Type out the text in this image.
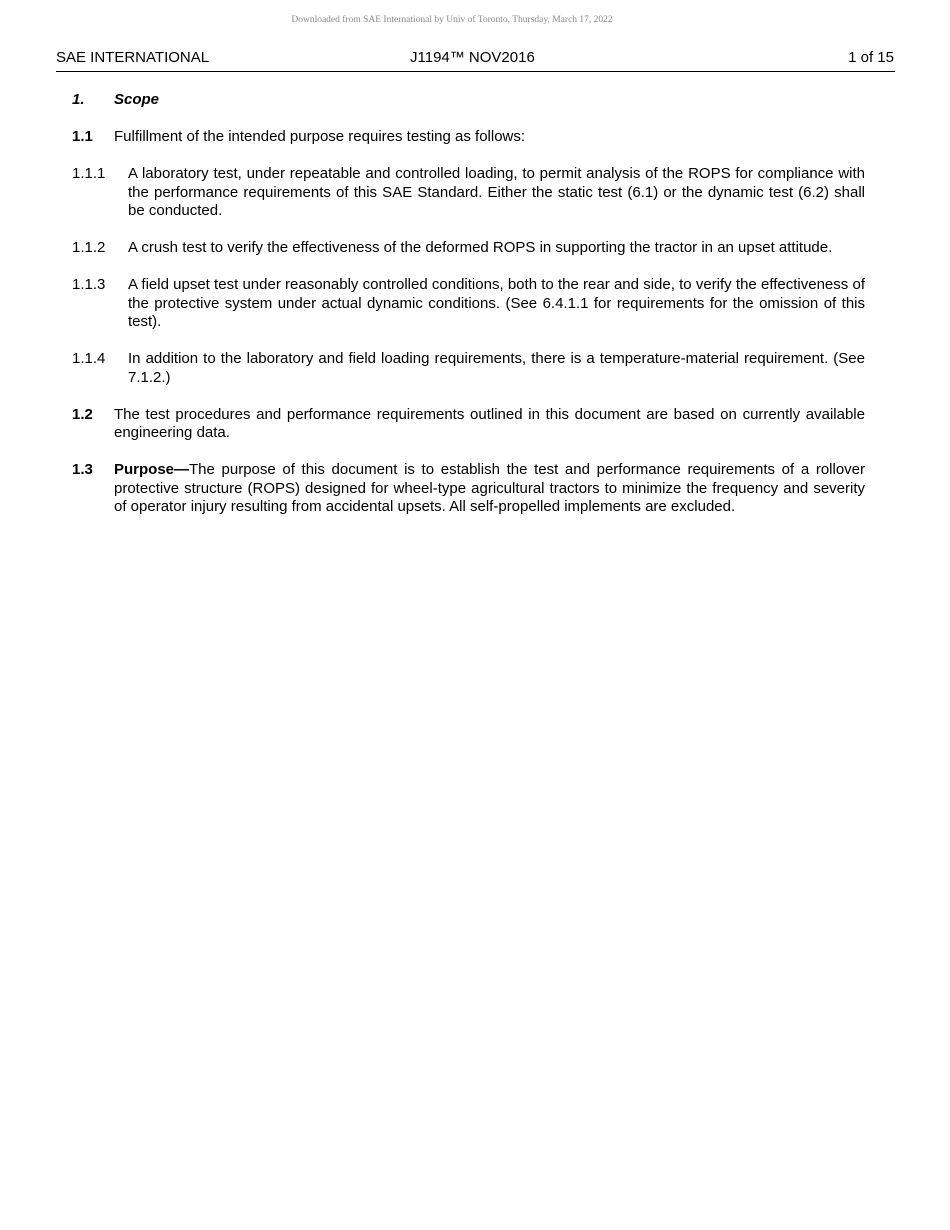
Downloaded from SAE International by Univ of Toronto, Thursday, March 17, 2022
SAE INTERNATIONAL	J1194™ NOV2016	1 of 15
1.	Scope
1.1	Fulfillment of the intended purpose requires testing as follows:
1.1.1	A laboratory test, under repeatable and controlled loading, to permit analysis of the ROPS for compliance with the performance requirements of this SAE Standard. Either the static test (6.1) or the dynamic test (6.2) shall be conducted.
1.1.2	A crush test to verify the effectiveness of the deformed ROPS in supporting the tractor in an upset attitude.
1.1.3	A field upset test under reasonably controlled conditions, both to the rear and side, to verify the effectiveness of the protective system under actual dynamic conditions. (See 6.4.1.1 for requirements for the omission of this test).
1.1.4	In addition to the laboratory and field loading requirements, there is a temperature-material requirement. (See 7.1.2.)
1.2	The test procedures and performance requirements outlined in this document are based on currently available engineering data.
1.3	Purpose—The purpose of this document is to establish the test and performance requirements of a rollover protective structure (ROPS) designed for wheel-type agricultural tractors to minimize the frequency and severity of operator injury resulting from accidental upsets. All self-propelled implements are excluded.
